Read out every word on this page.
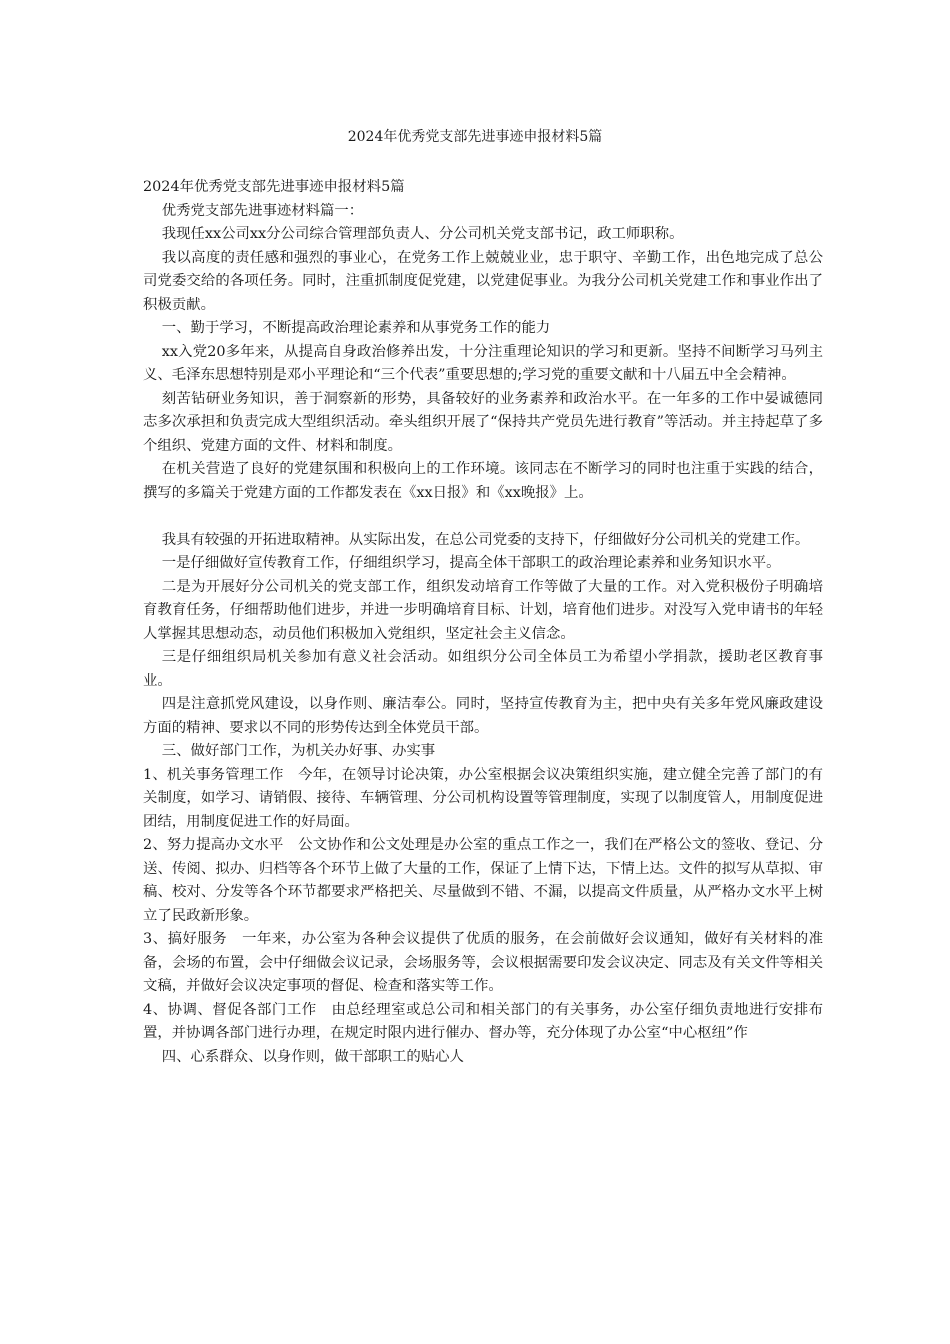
2024年优秀党支部先进事迹申报材料5篇

2024年优秀党支部先进事迹申报材料5篇

优秀党支部先进事迹材料篇一：

我现任xx公司xx分公司综合管理部负责人、分公司机关党支部书记，政工师职称。

我以高度的责任感和强烈的事业心，在党务工作上兢兢业业，忠于职守、辛勤工作，出色地完成了总公司党委交给的各项任务。同时，注重抓制度促党建，以党建促事业。为我分公司机关党建工作和事业作出了积极贡献。

一、勤于学习，不断提高政治理论素养和从事党务工作的能力

xx入党20多年来，从提高自身政治修养出发，十分注重理论知识的学习和更新。坚持不间断学习马列主义、毛泽东思想特别是邓小平理论和“三个代表”重要思想的;学习党的重要文献和十八届五中全会精神。

刻苦钻研业务知识，善于洞察新的形势，具备较好的业务素养和政治水平。在一年多的工作中晏诚德同志多次承担和负责完成大型组织活动。牵头组织开展了“保持共产党员先进行教育”等活动。并主持起草了多个组织、党建方面的文件、材料和制度。

在机关营造了良好的党建氛围和积极向上的工作环境。该同志在不断学习的同时也注重于实践的结合，撰写的多篇关于党建方面的工作都发表在《xx日报》和《xx晚报》上。

我具有较强的开拓进取精神。从实际出发，在总公司党委的支持下，仔细做好分公司机关的党建工作。

一是仔细做好宣传教育工作，仔细组织学习，提高全体干部职工的政治理论素养和业务知识水平。

二是为开展好分公司机关的党支部工作，组织发动培育工作等做了大量的工作。对入党积极份子明确培育教育任务，仔细帮助他们进步，并进一步明确培育目标、计划，培育他们进步。对没写入党申请书的年轻人掌握其思想动态，动员他们积极加入党组织，坚定社会主义信念。

三是仔细组织局机关参加有意义社会活动。如组织分公司全体员工为希望小学捐款，援助老区教育事业。

四是注意抓党风建设，以身作则、廉洁奉公。同时，坚持宣传教育为主，把中央有关多年党风廉政建设方面的精神、要求以不同的形势传达到全体党员干部。

三、做好部门工作，为机关办好事、办实事

1、机关事务管理工作　今年，在领导讨论决策，办公室根据会议决策组织实施，建立健全完善了部门的有关制度，如学习、请销假、接待、车辆管理、分公司机构设置等管理制度，实现了以制度管人，用制度促进团结，用制度促进工作的好局面。

2、努力提高办文水平　公文协作和公文处理是办公室的重点工作之一，我们在严格公文的签收、登记、分送、传阅、拟办、归档等各个环节上做了大量的工作，保证了上情下达，下情上达。文件的拟写从草拟、审稿、校对、分发等各个环节都要求严格把关、尽量做到不错、不漏，以提高文件质量，从严格办文水平上树立了民政新形象。

3、搞好服务　一年来，办公室为各种会议提供了优质的服务，在会前做好会议通知，做好有关材料的准备，会场的布置，会中仔细做会议记录，会场服务等，会议根据需要印发会议决定、同志及有关文件等相关文稿，并做好会议决定事项的督促、检查和落实等工作。

4、协调、督促各部门工作　由总经理室或总公司和相关部门的有关事务，办公室仔细负责地进行安排布置，并协调各部门进行办理，在规定时限内进行催办、督办等，充分体现了办公室“中心枢纽”作

四、心系群众、以身作则，做干部职工的贴心人
